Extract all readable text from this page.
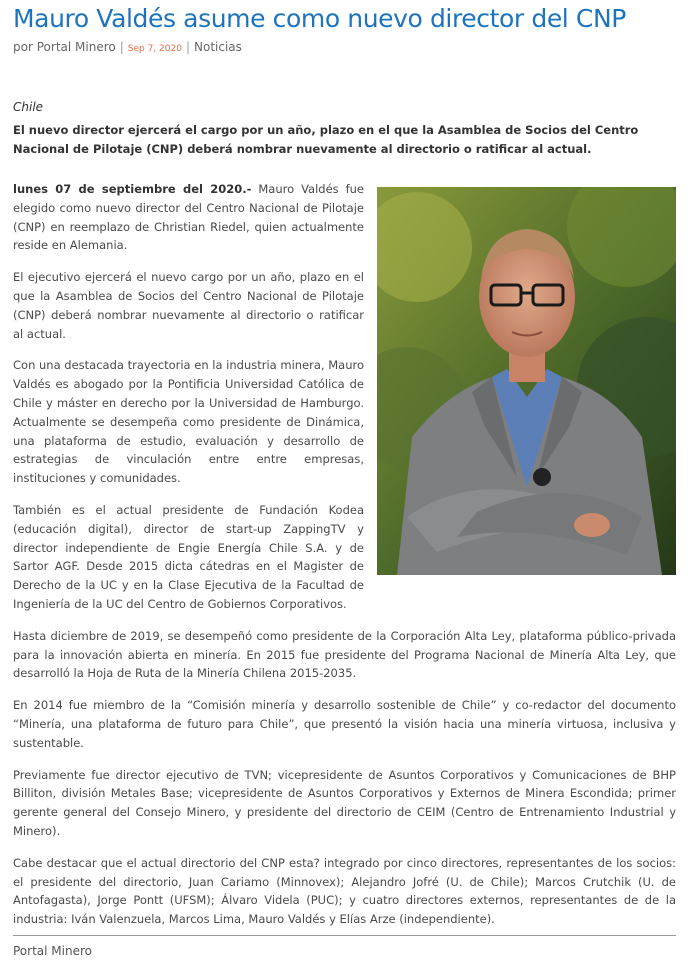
Mauro Valdés asume como nuevo director del CNP
por Portal Minero | Sep 7, 2020 | Noticias
Chile

El nuevo director ejercerá el cargo por un año, plazo en el que la Asamblea de Socios del Centro Nacional de Pilotaje (CNP) deberá nombrar nuevamente al directorio o ratificar al actual.

lunes 07 de septiembre del 2020.- Mauro Valdés fue elegido como nuevo director del Centro Nacional de Pilotaje (CNP) en reemplazo de Christian Riedel, quien actualmente reside en Alemania.

El ejecutivo ejercerá el nuevo cargo por un año, plazo en el que la Asamblea de Socios del Centro Nacional de Pilotaje (CNP) deberá nombrar nuevamente al directorio o ratificar al actual.

Con una destacada trayectoria en la industria minera, Mauro Valdés es abogado por la Pontificia Universidad Católica de Chile y máster en derecho por la Universidad de Hamburgo. Actualmente se desempeña como presidente de Dinámica, una plataforma de estudio, evaluación y desarrollo de estrategias de vinculación entre entre empresas, instituciones y comunidades.

También es el actual presidente de Fundación Kodea (educación digital), director de start-up ZappingTV y director independiente de Engie Energía Chile S.A. y de Sartor AGF. Desde 2015 dicta cátedras en el Magister de Derecho de la UC y en la Clase Ejecutiva de la Facultad de Ingeniería de la UC del Centro de Gobiernos Corporativos.

Hasta diciembre de 2019, se desempeñó como presidente de la Corporación Alta Ley, plataforma público-privada para la innovación abierta en minería. En 2015 fue presidente del Programa Nacional de Minería Alta Ley, que desarrolló la Hoja de Ruta de la Minería Chilena 2015-2035.

En 2014 fue miembro de la “Comisión minería y desarrollo sostenible de Chile” y co-redactor del documento “Minería, una plataforma de futuro para Chile”, que presentó la visión hacia una minería virtuosa, inclusiva y sustentable.

Previamente fue director ejecutivo de TVN; vicepresidente de Asuntos Corporativos y Comunicaciones de BHP Billiton, división Metales Base; vicepresidente de Asuntos Corporativos y Externos de Minera Escondida; primer gerente general del Consejo Minero, y presidente del directorio de CEIM (Centro de Entrenamiento Industrial y Minero).

Cabe destacar que el actual directorio del CNP esta? integrado por cinco directores, representantes de los socios: el presidente del directorio, Juan Cariamo (Minnovex); Alejandro Jofré (U. de Chile); Marcos Crutchik (U. de Antofagasta), Jorge Pontt (UFSM); Álvaro Videla (PUC); y cuatro directores externos, representantes de de la industria: Iván Valenzuela, Marcos Lima, Mauro Valdés y Elías Arze (independiente).

Portal Minero
